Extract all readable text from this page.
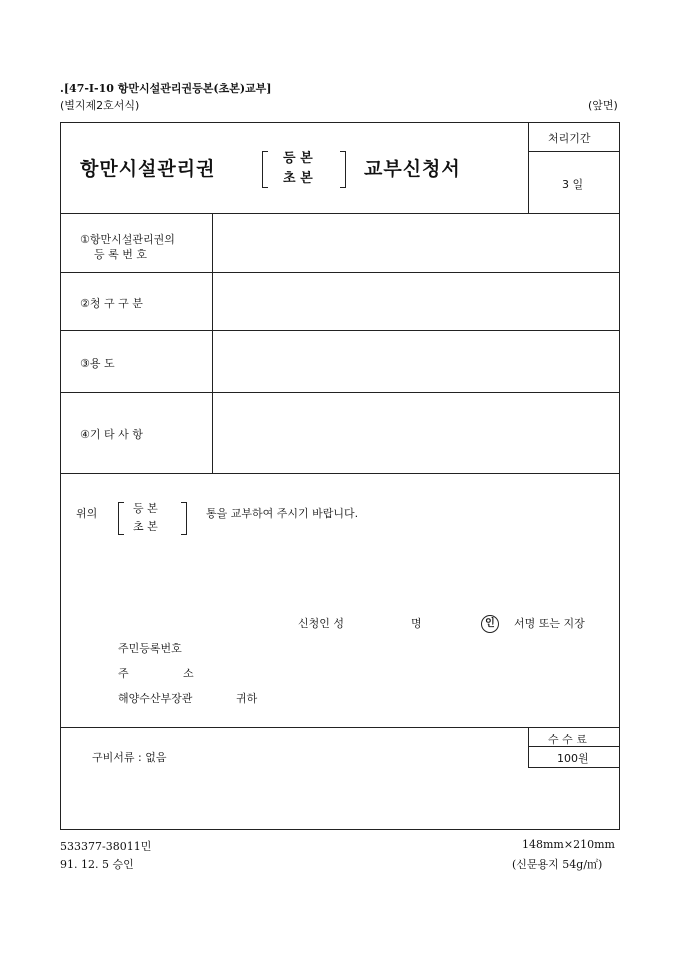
.[47-I-10 항만시설관리권등본(초본)교부]
(별지제2호서식)	(앞면)
항만시설관리권	등 본
초 본	교부신청서
처리기간
3 일
①항만시설관리권의
등 록 번 호
②청 구 구 분
③용 도
④기 타 사 항
위의	등 본
초 본
통을 교부하여 주시기 바랍니다.
신청인 성	명	인	서명 또는 지장
주민등록번호
주	소
해양수산부장관	귀하
구비서류 : 없음
수 수 료
100원
533377-38011민
91. 12. 5 승인
148mm×210mm
(신문용지 54g/㎡)
